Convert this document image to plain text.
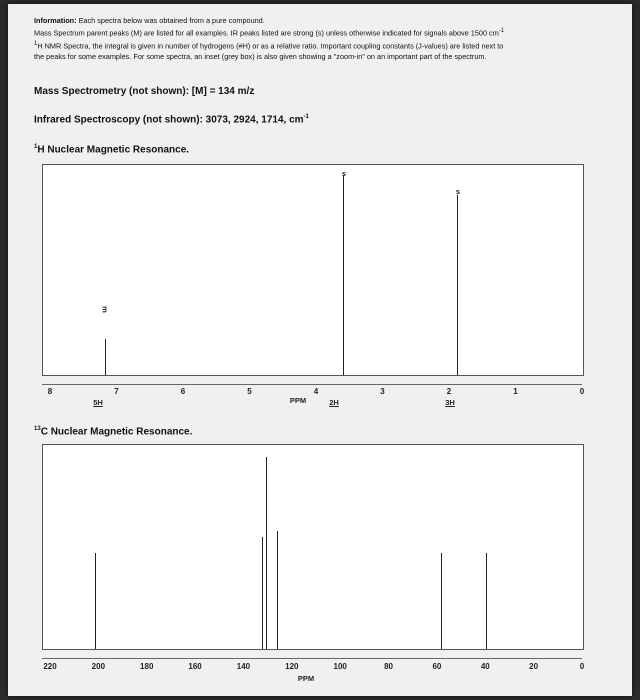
Information: Each spectra below was obtained from a pure compound.
Mass Spectrum parent peaks (M) are listed for all examples. IR peaks listed are strong (s) unless otherwise indicated for signals above 1500 $cm^{-1}$
$^1$H NMR Spectra, the integral is given in number of hydrogens (#H) or as a relative ratio. Important coupling constants (J-values) are listed next to
the peaks for some examples. For some spectra, an inset (grey box) is also given showing a "zoom-in" on an important part of the spectrum.
Mass Spectrometry (not shown): [M] = 134 m/z
Infrared Spectroscopy (not shown): 3073, 2924, 1714, $cm^{-1}$
$^1$H Nuclear Magnetic Resonance.
m
s
s
8	7	6	5	4	3	2	1	0
PPM
5H	2H	3H
$^{13}$C Nuclear Magnetic Resonance.
220	200	180	160	140	120	100	80	60	40	20	0
PPM
